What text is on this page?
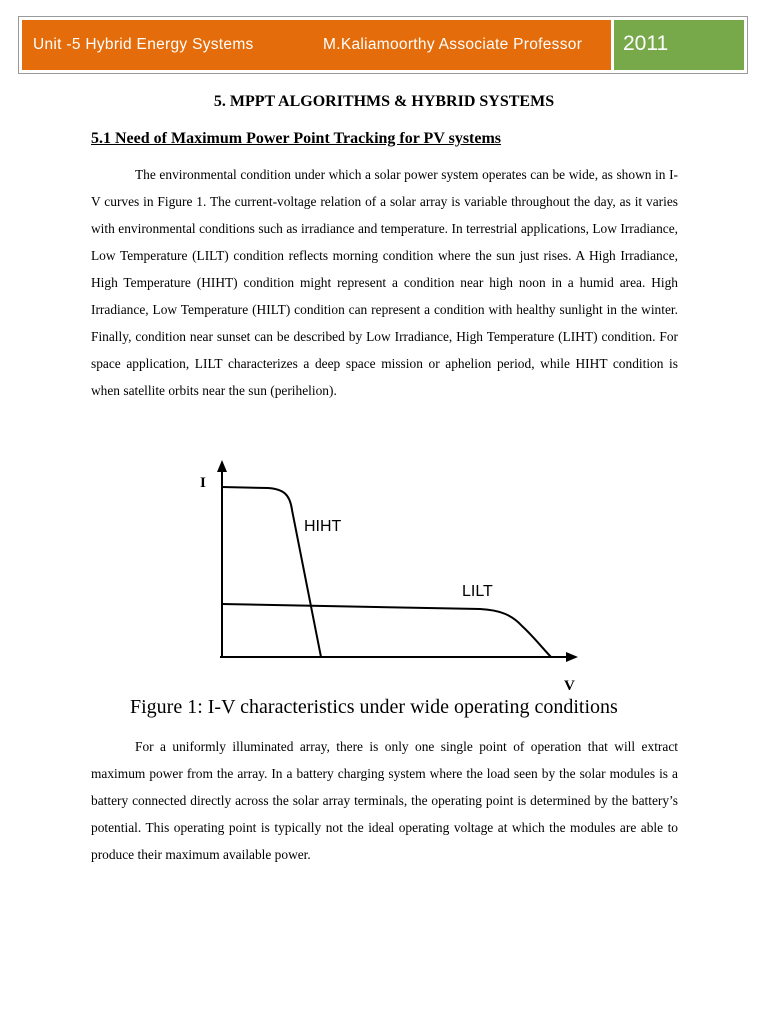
Unit -5 Hybrid Energy Systems	M.Kaliamoorthy Associate Professor 2011
5. MPPT ALGORITHMS & HYBRID SYSTEMS
5.1 Need of Maximum Power Point Tracking for PV systems

The environmental condition under which a solar power system operates can be wide, as shown in I-V curves in Figure 1. The current-voltage relation of a solar array is variable throughout the day, as it varies with environmental conditions such as irradiance and temperature. In terrestrial applications, Low Irradiance, Low Temperature (LILT) condition reflects morning condition where the sun just rises. A High Irradiance, High Temperature (HIHT) condition might represent a condition near high noon in a humid area. High Irradiance, Low Temperature (HILT) condition can represent a condition with healthy sunlight in the winter. Finally, condition near sunset can be described by Low Irradiance, High Temperature (LIHT) condition. For space application, LILT characterizes a deep space mission or aphelion period, while HIHT condition is when satellite orbits near the sun (perihelion).

I
V
HIHT
LILT
Figure 1: I-V characteristics under wide operating conditions

For a uniformly illuminated array, there is only one single point of operation that will extract maximum power from the array. In a battery charging system where the load seen by the solar modules is a battery connected directly across the solar array terminals, the operating point is determined by the battery’s potential. This operating point is typically not the ideal operating voltage at which the modules are able to produce their maximum available power.
